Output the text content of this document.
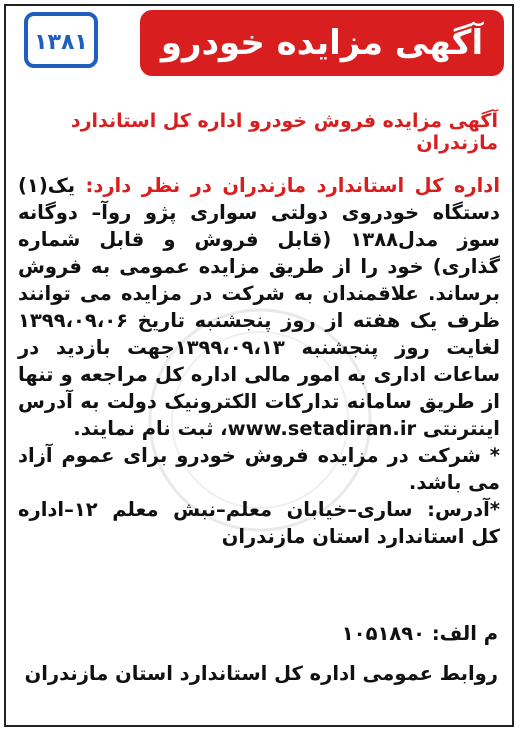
۱۳۸۱ آگهی مزایده خودرو
آگهی مزایده فروش خودرو اداره کل استاندارد مازندران

اداره کل استاندارد مازندران در نظر دارد: یک(۱) دستگاه خودروی دولتی سواری پژو روآ– دوگانه سوز مدل۱۳۸۸ (قابل فروش و قابل شماره گذاری) خود را از طریق مزایده عمومی به فروش برساند. علاقمندان به شرکت در مزایده می توانند ظرف یک هفته از روز پنجشنبه تاریخ ۱۳۹۹،۰۹،۰۶ لغایت روز پنجشنبه ۱۳۹۹،۰۹،۱۳جهت بازدید در ساعات اداری به امور مالی اداره کل مراجعه و تنها از طریق سامانه تدارکات الکترونیک دولت به آدرس اینترنتی www.setadiran.ir، ثبت نام نمایند.

* شرکت در مزایده فروش خودرو برای عموم آزاد می باشد.

*آدرس: ساری–خیابان معلم–نبش معلم ۱۲–اداره کل استاندارد استان مازندران

م الف: ۱۰۵۱۸۹۰
روابط عمومی اداره کل استاندارد استان مازندران
